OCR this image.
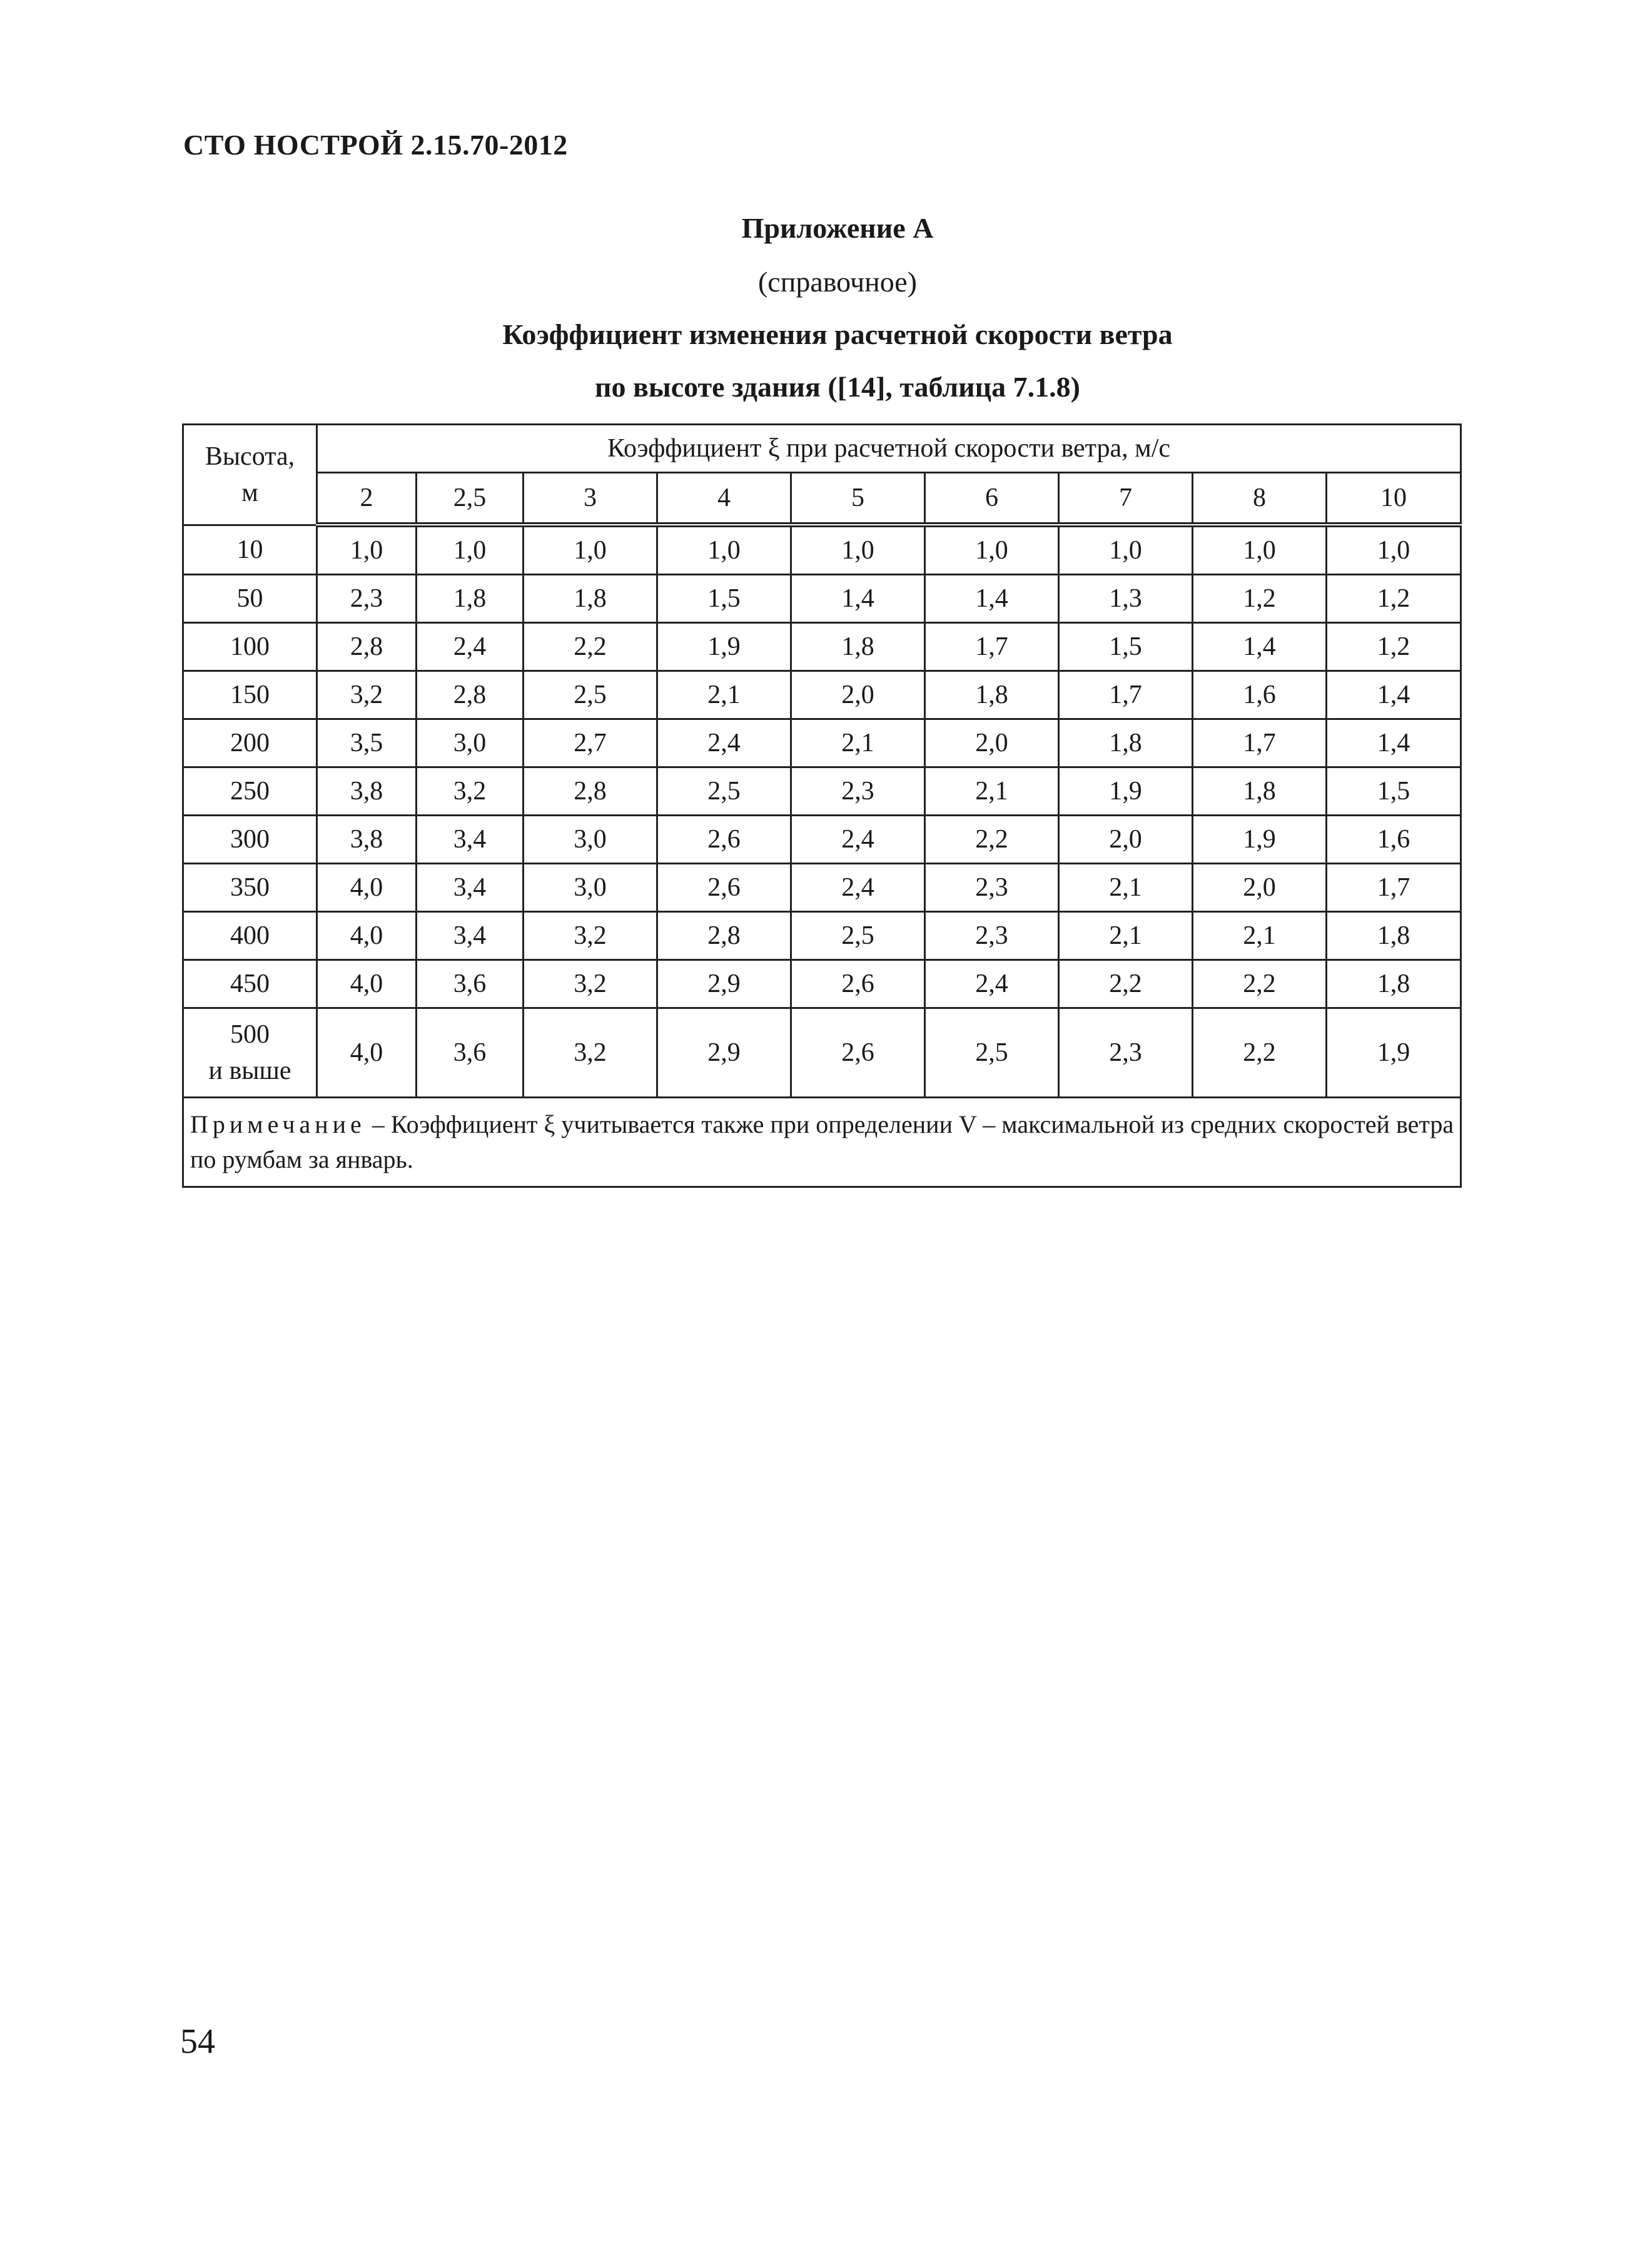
СТО НОСТРОЙ 2.15.70-2012
Приложение А
(справочное)
Коэффициент изменения расчетной скорости ветра
по высоте здания ([14], таблица 7.1.8)
Высота,
м	Коэффициент ξ при расчетной скорости ветра, м/с								
	2	2,5	3	4	5	6	7	8	10
10	1,0	1,0	1,0	1,0	1,0	1,0	1,0	1,0	1,0
50	2,3	1,8	1,8	1,5	1,4	1,4	1,3	1,2	1,2
100	2,8	2,4	2,2	1,9	1,8	1,7	1,5	1,4	1,2
150	3,2	2,8	2,5	2,1	2,0	1,8	1,7	1,6	1,4
200	3,5	3,0	2,7	2,4	2,1	2,0	1,8	1,7	1,4
250	3,8	3,2	2,8	2,5	2,3	2,1	1,9	1,8	1,5
300	3,8	3,4	3,0	2,6	2,4	2,2	2,0	1,9	1,6
350	4,0	3,4	3,0	2,6	2,4	2,3	2,1	2,0	1,7
400	4,0	3,4	3,2	2,8	2,5	2,3	2,1	2,1	1,8
450	4,0	3,6	3,2	2,9	2,6	2,4	2,2	2,2	1,8
500
и выше	4,0	3,6	3,2	2,9	2,6	2,5	2,3	2,2	1,9
Примечание – Коэффициент ξ учитывается также при определении V – максимальной из средних скоростей ветра по румбам за январь.									
54
